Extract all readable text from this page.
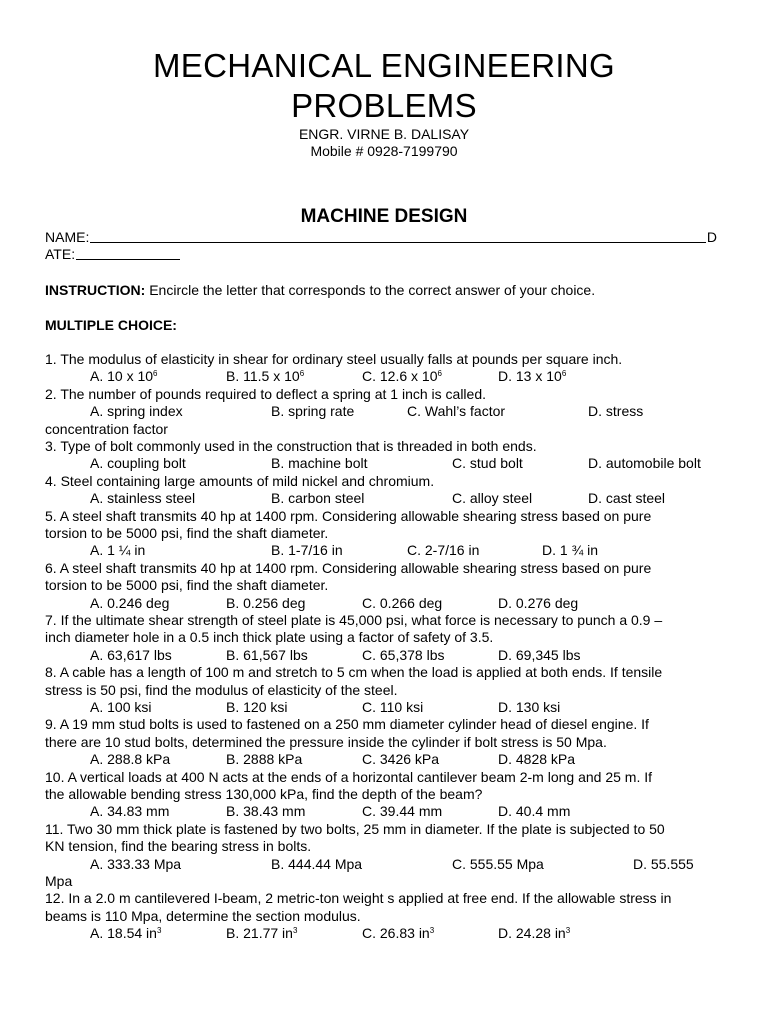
MECHANICAL ENGINEERING
PROBLEMS
ENGR. VIRNE B. DALISAY
Mobile # 0928-7199790
MACHINE DESIGN
NAME:	D
ATE:
INSTRUCTION: Encircle the letter that corresponds to the correct answer of your choice.
MULTIPLE CHOICE:
1. The modulus of elasticity in shear for ordinary steel usually falls at pounds per square inch.
A. 10 x $10^6$	B. 11.5 x $10^6$	C. 12.6 x $10^6$	D. 13 x $10^6$
2. The number of pounds required to deflect a spring at 1 inch is called.
A. spring index	B. spring rate	C. Wahl’s factor	D. stress
concentration factor
3. Type of bolt commonly used in the construction that is threaded in both ends.
A. coupling bolt	B. machine bolt	C. stud bolt	D. automobile bolt
4. Steel containing large amounts of mild nickel and chromium.
A. stainless steel	B. carbon steel	C. alloy steel	D. cast steel
5. A steel shaft transmits 40 hp at 1400 rpm. Considering allowable shearing stress based on pure
torsion to be 5000 psi, find the shaft diameter.
A. 1 ¼ in	B. 1-7/16 in	C. 2-7/16 in	D. 1 ¾ in
6. A steel shaft transmits 40 hp at 1400 rpm. Considering allowable shearing stress based on pure
torsion to be 5000 psi, find the shaft diameter.
A. 0.246 deg	B. 0.256 deg	C. 0.266 deg	D. 0.276 deg
7. If the ultimate shear strength of steel plate is 45,000 psi, what force is necessary to punch a 0.9 –
inch diameter hole in a 0.5 inch thick plate using a factor of safety of 3.5.
A. 63,617 lbs	B. 61,567 lbs	C. 65,378 lbs	D. 69,345 lbs
8. A cable has a length of 100 m and stretch to 5 cm when the load is applied at both ends. If tensile
stress is 50 psi, find the modulus of elasticity of the steel.
A. 100 ksi	B. 120 ksi	C. 110 ksi	D. 130 ksi
9. A 19 mm stud bolts is used to fastened on a 250 mm diameter cylinder head of diesel engine. If
there are 10 stud bolts, determined the pressure inside the cylinder if bolt stress is 50 Mpa.
A. 288.8 kPa	B. 2888 kPa	C. 3426 kPa	D. 4828 kPa
10. A vertical loads at 400 N acts at the ends of a horizontal cantilever beam 2-m long and 25 m. If
the allowable bending stress 130,000 kPa, find the depth of the beam?
A. 34.83 mm	B. 38.43 mm	C. 39.44 mm	D. 40.4 mm
11. Two 30 mm thick plate is fastened by two bolts, 25 mm in diameter. If the plate is subjected to 50
KN tension, find the bearing stress in bolts.
A. 333.33 Mpa	B. 444.44 Mpa	C. 555.55 Mpa	D. 55.555
Mpa
12. In a 2.0 m cantilevered I-beam, 2 metric-ton weight s applied at free end. If the allowable stress in
beams is 110 Mpa, determine the section modulus.
A. 18.54 $in^3$	B. 21.77 $in^3$	C. 26.83 $in^3$	D. 24.28 $in^3$
